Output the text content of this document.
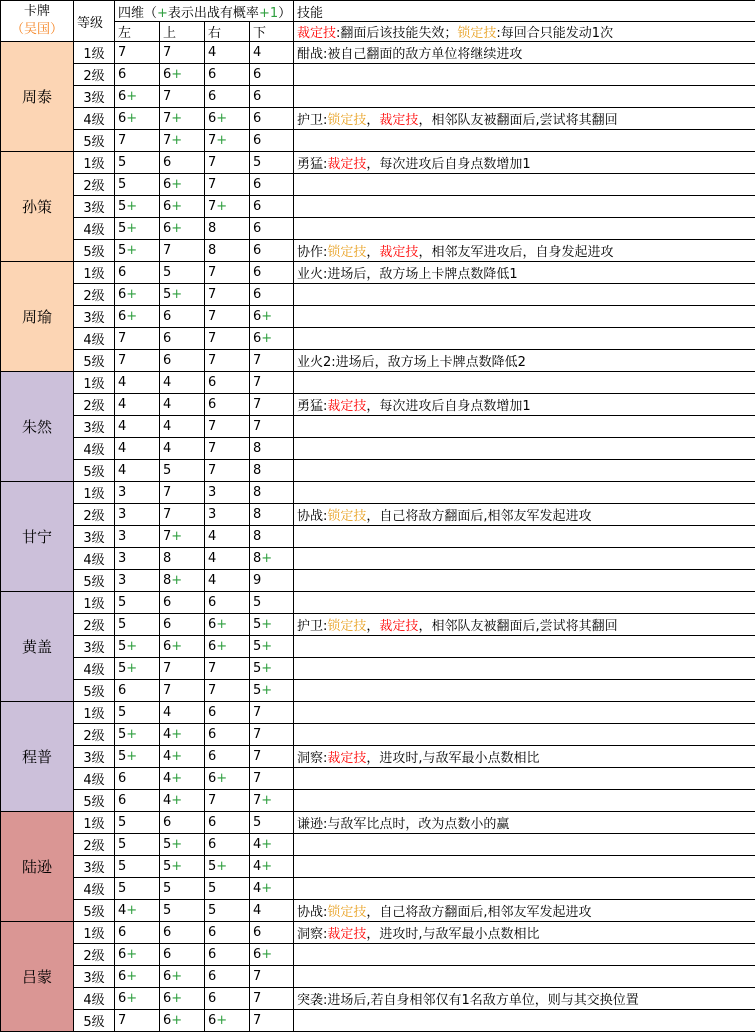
卡牌
（吴国）	等级	四维（+表示出战有概率+1）				技能
		左	上	右	下	裁定技:翻面后该技能失效；锁定技:每回合只能发动1次
周泰	1级	7	7	4	4	酣战:被自己翻面的敌方单位将继续进攻
	2级	6	6+	6	6	
	3级	6+	7	6	6	
	4级	6+	7+	6+	6	护卫:锁定技，裁定技，相邻队友被翻面后,尝试将其翻回
	5级	7	7+	7+	6	
孙策	1级	5	6	7	5	勇猛:裁定技，每次进攻后自身点数增加1
	2级	5	6+	7	6	
	3级	5+	6+	7+	6	
	4级	5+	6+	8	6	
	5级	5+	7	8	6	协作:锁定技，裁定技，相邻友军进攻后，自身发起进攻
周瑜	1级	6	5	7	6	业火:进场后，敌方场上卡牌点数降低1
	2级	6+	5+	7	6	
	3级	6+	6	7	6+	
	4级	7	6	7	6+	
	5级	7	6	7	7	业火2:进场后，敌方场上卡牌点数降低2
朱然	1级	4	4	6	7	
	2级	4	4	6	7	勇猛:裁定技，每次进攻后自身点数增加1
	3级	4	4	7	7	
	4级	4	4	7	8	
	5级	4	5	7	8	
甘宁	1级	3	7	3	8	
	2级	3	7	3	8	协战:锁定技，自己将敌方翻面后,相邻友军发起进攻
	3级	3	7+	4	8	
	4级	3	8	4	8+	
	5级	3	8+	4	9	
黄盖	1级	5	6	6	5	
	2级	5	6	6+	5+	护卫:锁定技，裁定技，相邻队友被翻面后,尝试将其翻回
	3级	5+	6+	6+	5+	
	4级	5+	7	7	5+	
	5级	6	7	7	5+	
程普	1级	5	4	6	7	
	2级	5+	4+	6	7	
	3级	5+	4+	6	7	洞察:裁定技，进攻时,与敌军最小点数相比
	4级	6	4+	6+	7	
	5级	6	4+	7	7+	
陆逊	1级	5	6	6	5	谦逊:与敌军比点时，改为点数小的赢
	2级	5	5+	6	4+	
	3级	5	5+	5+	4+	
	4级	5	5	5	4+	
	5级	4+	5	5	4	协战:锁定技，自己将敌方翻面后,相邻友军发起进攻
吕蒙	1级	6	6	6	6	洞察:裁定技，进攻时,与敌军最小点数相比
	2级	6+	6	6	6+	
	3级	6+	6+	6	7	
	4级	6+	6+	6	7	突袭:进场后,若自身相邻仅有1名敌方单位，则与其交换位置
	5级	7	6+	6+	7	
